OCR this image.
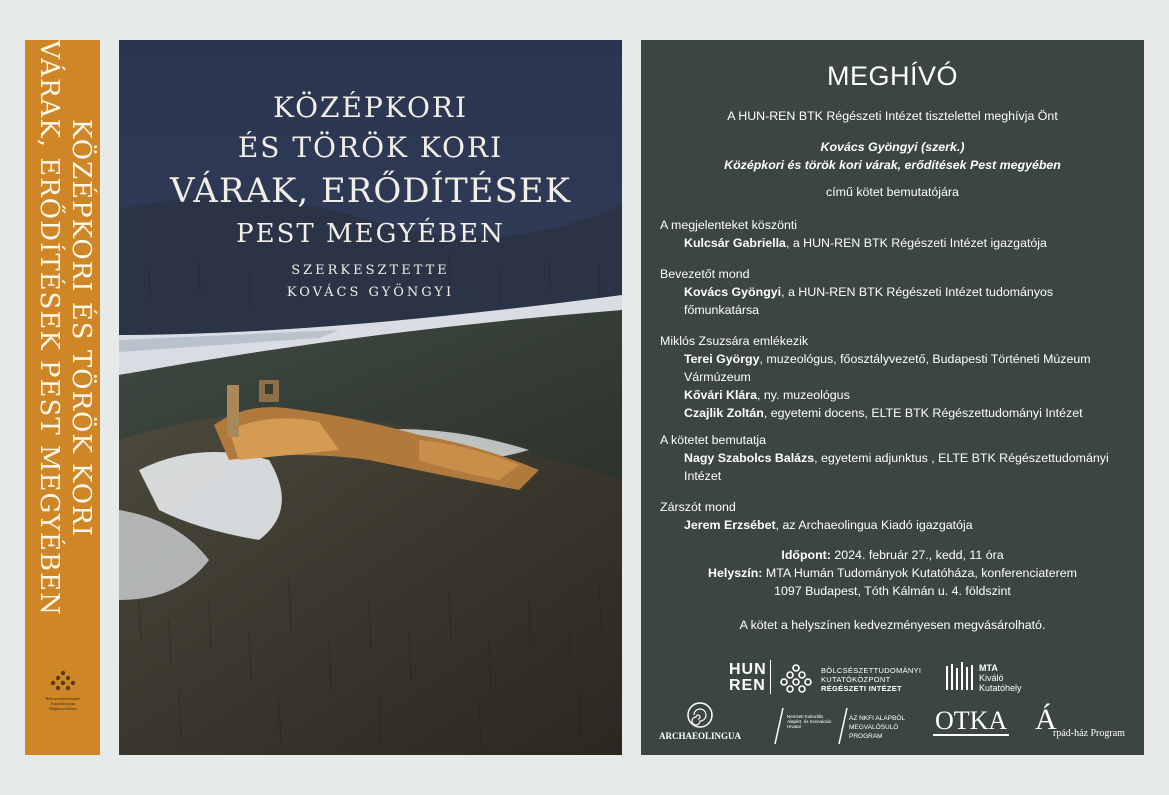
KÖZÉPKORI ÉS TÖRÖK KORI
VÁRAK, ERŐDÍTÉSEK PEST MEGYÉBEN
Bölcsészettudományi
Kutatóközpont
Régészeti Intézet
KÖZÉPKORI
ÉS TÖRÖK KORI
VÁRAK, ERŐDÍTÉSEK
PEST MEGYÉBEN
SZERKESZTETTE
KOVÁCS GYÖNGYI
MEGHÍVÓ
A HUN-REN BTK Régészeti Intézet tisztelettel meghívja Önt
Kovács Gyöngyi (szerk.)
Középkori és török kori várak, erődítések Pest megyében
című kötet bemutatójára
A megjelenteket köszönti
Kulcsár Gabriella, a HUN-REN BTK Régészeti Intézet igazgatója
Bevezetőt mond
Kovács Gyöngyi, a HUN-REN BTK Régészeti Intézet tudományos főmunkatársa
Miklós Zsuzsára emlékezik
Terei György, muzeológus, főosztályvezető, Budapesti Történeti Múzeum Vármúzeum
Kővári Klára, ny. muzeológus
Czajlik Zoltán, egyetemi docens, ELTE BTK Régészettudományi Intézet
A kötetet bemutatja
Nagy Szabolcs Balázs, egyetemi adjunktus , ELTE BTK Régészettudományi Intézet
Zárszót mond
Jerem Erzsébet, az Archaeolingua Kiadó igazgatója
Időpont: 2024. február 27., kedd, 11 óra
Helyszín: MTA Humán Tudományok Kutatóháza, konferenciaterem
1097 Budapest, Tóth Kálmán u. 4. földszint
A kötet a helyszínen kedvezményesen megvásárolható.
HUN
REN
BÖLCSÉSZETTUDOMÁNYI
KUTATÓKÖZPONT
RÉGÉSZETI INTÉZET
MTA
Kiváló
Kutatóhely
ARCHAEOLINGUA
Nemzeti Kulturális Alapért. és Innovációs Hivatal
AZ NKFI ALAPBÓL
MEGVALÓSULÓ
PROGRAM
OTKA Á
rpád-ház Program
